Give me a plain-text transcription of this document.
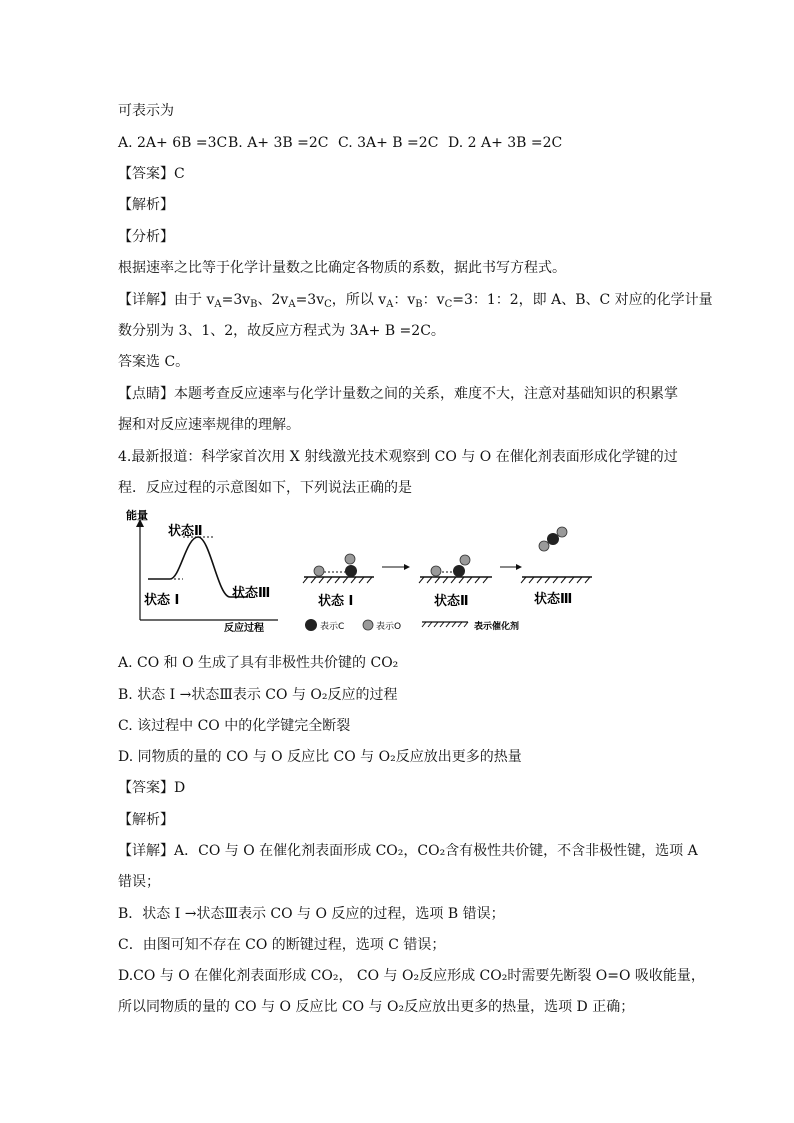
可表示为
A. 2A+ 6B =3CB. A+ 3B =2C C. 3A+ B =2C D. 2 A+ 3B =2C
【答案】C
【解析】
【分析】
根据速率之比等于化学计量数之比确定各物质的系数，据此书写方程式。
【详解】由于 $v_A=3v_B$、$2v_A=3v_C$，所以 $v_A$：$v_B$：$v_C=3$：1：2，即 A、B、C 对应的化学计量
数分别为 3、1、2，故反应方程式为 3A+ B =2C。
答案选 C。
【点睛】本题考查反应速率与化学计量数之间的关系，难度不大，注意对基础知识的积累掌
握和对反应速率规律的理解。
4.最新报道：科学家首次用 X 射线激光技术观察到 CO 与 O 在催化剂表面形成化学键的过
程．反应过程的示意图如下，下列说法正确的是
能量
反应过程
状态Ⅱ
状态 I	状态Ⅲ
状态 I	状态Ⅱ	状态Ⅲ
表示C	表示O	表示催化剂
A. CO 和 O 生成了具有非极性共价键的 CO₂
B. 状态 I →状态Ⅲ表示 CO 与 O₂反应的过程
C. 该过程中 CO 中的化学键完全断裂
D. 同物质的量的 CO 与 O 反应比 CO 与 O₂反应放出更多的热量
【答案】D
【解析】
【详解】A．CO 与 O 在催化剂表面形成 CO₂，CO₂含有极性共价键，不含非极性键，选项 A
错误；
B．状态 I →状态Ⅲ表示 CO 与 O 反应的过程，选项 B 错误；
C．由图可知不存在 CO 的断键过程，选项 C 错误；
D.CO 与 O 在催化剂表面形成 CO₂， CO 与 O₂反应形成 CO₂时需要先断裂 O=O 吸收能量，
所以同物质的量的 CO 与 O 反应比 CO 与 O₂反应放出更多的热量，选项 D 正确；
